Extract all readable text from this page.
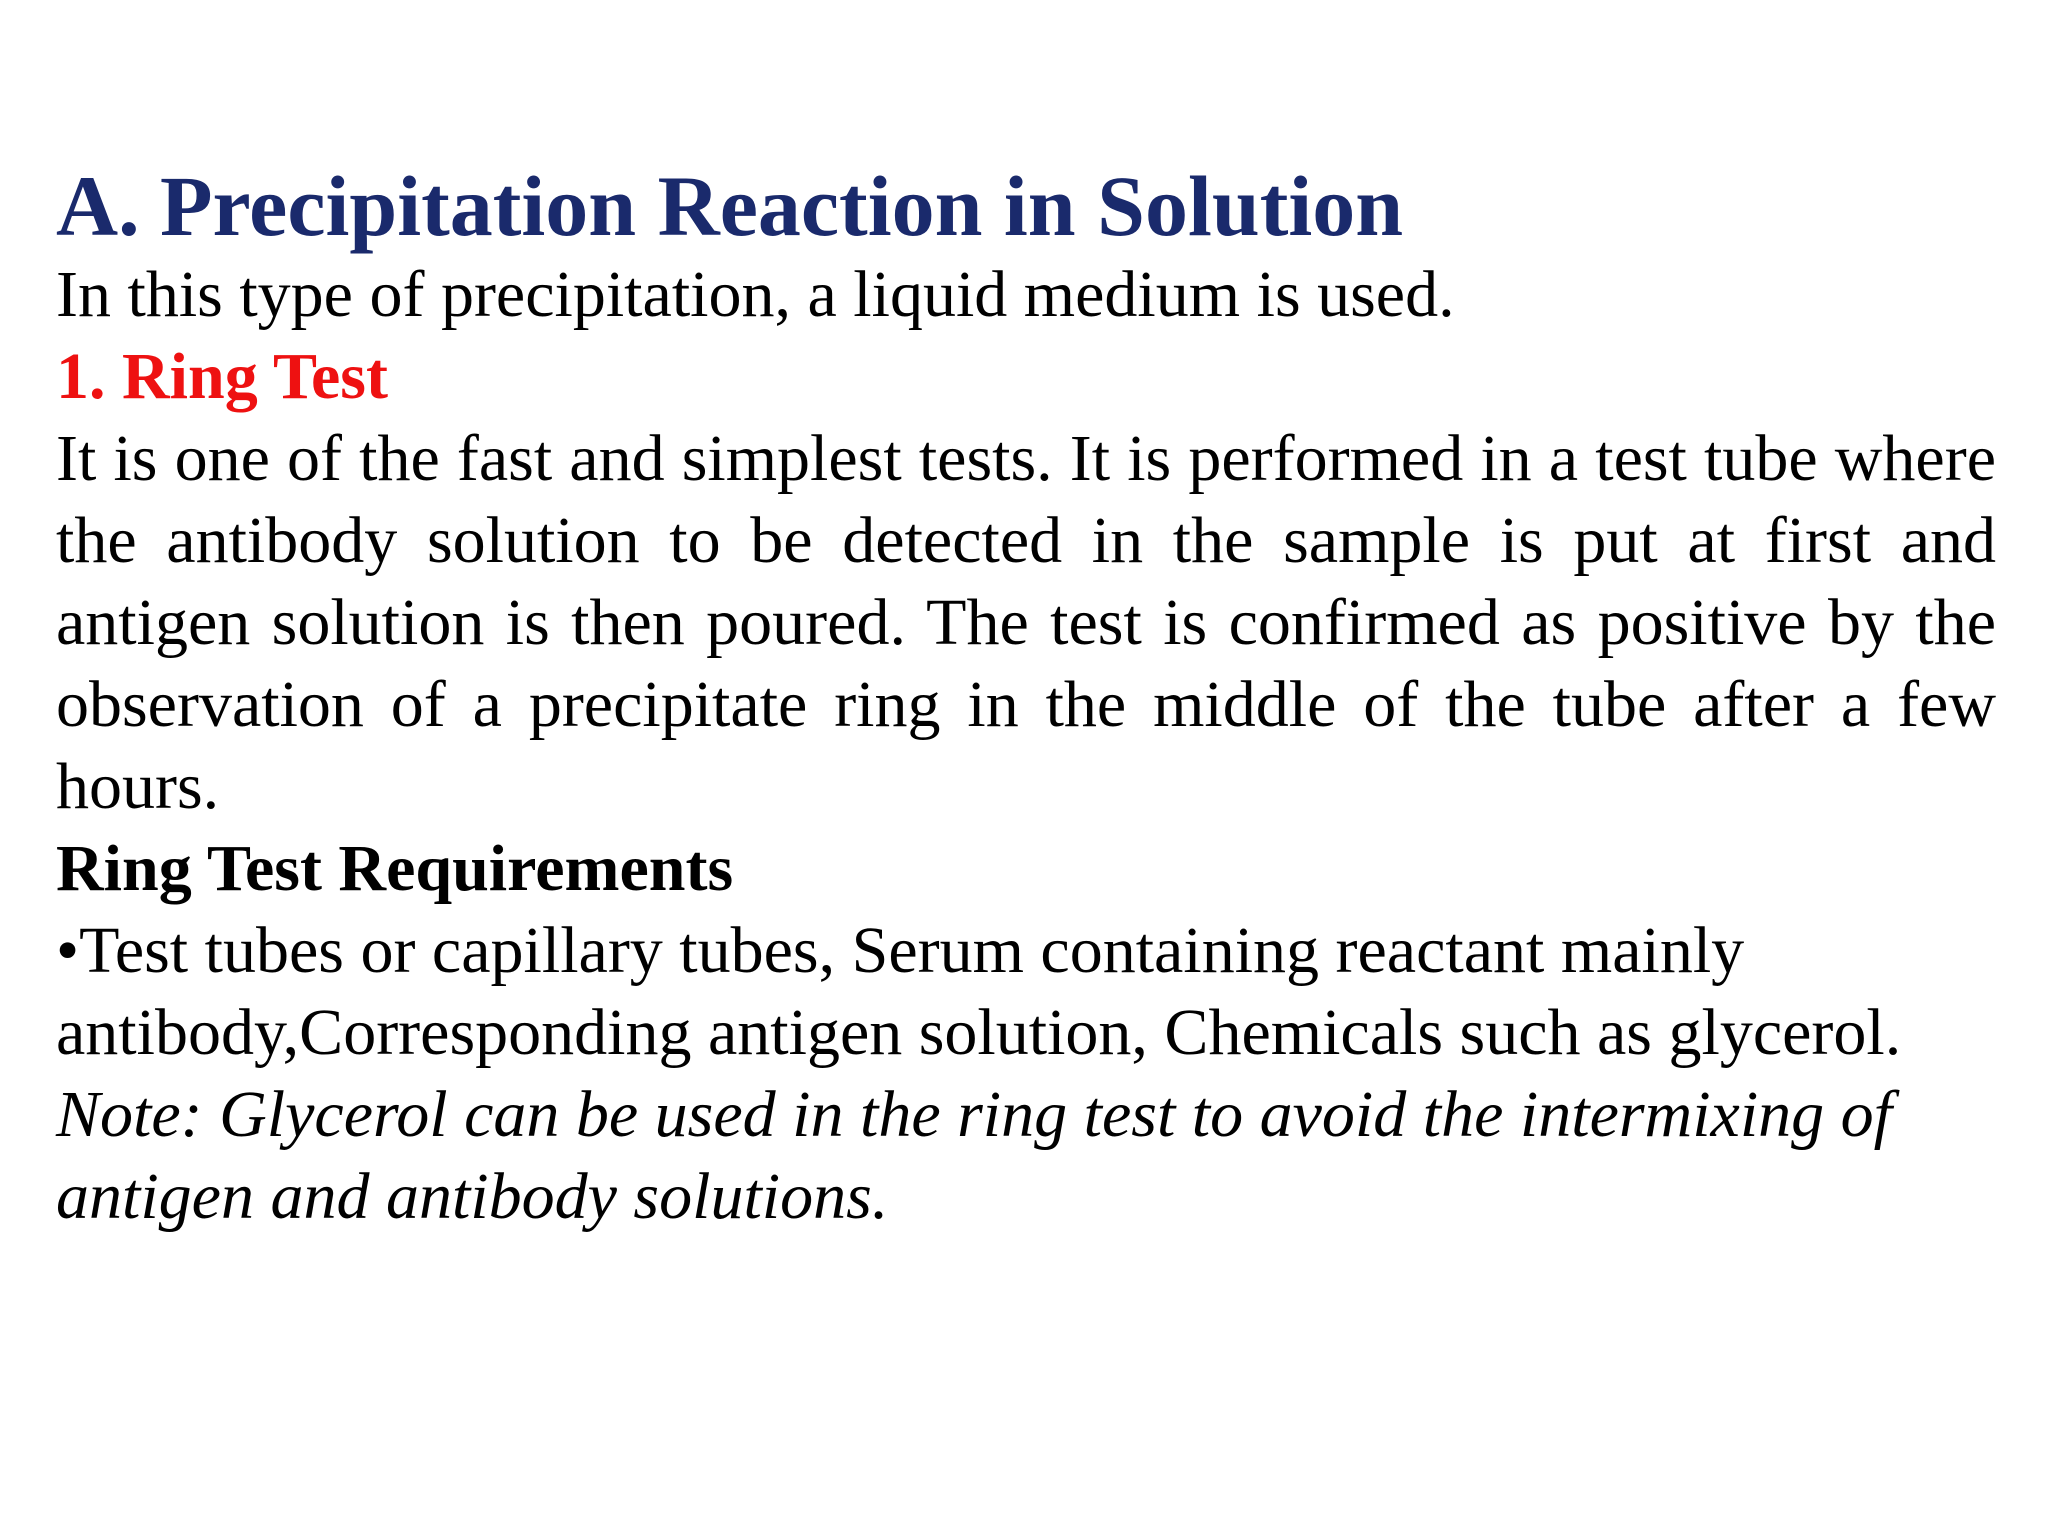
A. Precipitation Reaction in Solution

In this type of precipitation, a liquid medium is used.

1. Ring Test

It is one of the fast and simplest tests. It is performed in a test tube where the antibody solution to be detected in the sample is put at first and antigen solution is then poured. The test is confirmed as positive by the observation of a precipitate ring in the middle of the tube after a few hours.

Ring Test Requirements

•Test tubes or capillary tubes, Serum containing reactant mainly antibody,Corresponding antigen solution, Chemicals such as glycerol.

Note: Glycerol can be used in the ring test to avoid the intermixing of antigen and antibody solutions.
